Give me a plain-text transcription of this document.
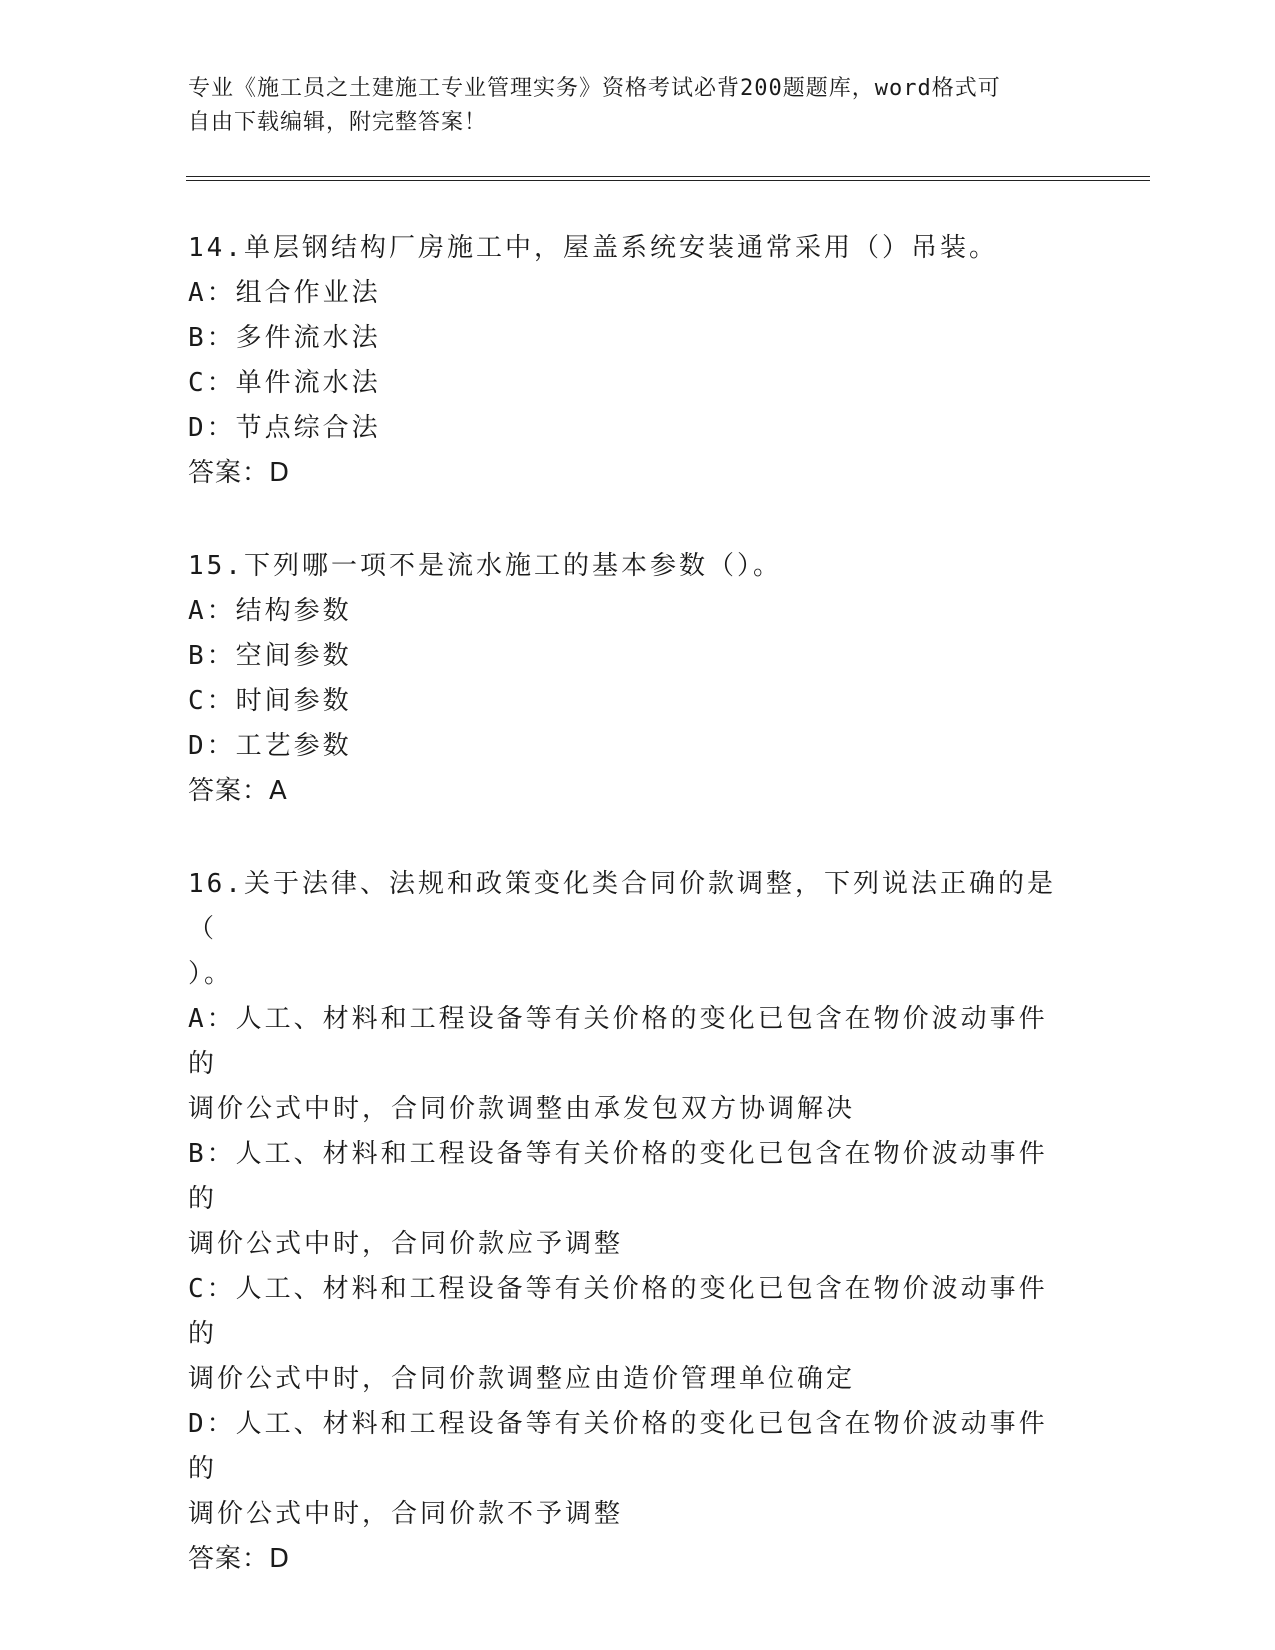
专业《施工员之土建施工专业管理实务》资格考试必背200题题库，word格式可
自由下载编辑，附完整答案！
14.单层钢结构厂房施工中，屋盖系统安装通常采用（）吊装。
A：组合作业法
B：多件流水法
C：单件流水法
D：节点综合法
答案：D
15.下列哪一项不是流水施工的基本参数（）。
A：结构参数
B：空间参数
C：时间参数
D：工艺参数
答案：A
16.关于法律、法规和政策变化类合同价款调整，下列说法正确的是（
）。
A：人工、材料和工程设备等有关价格的变化已包含在物价波动事件的
调价公式中时，合同价款调整由承发包双方协调解决
B：人工、材料和工程设备等有关价格的变化已包含在物价波动事件的
调价公式中时，合同价款应予调整
C：人工、材料和工程设备等有关价格的变化已包含在物价波动事件的
调价公式中时，合同价款调整应由造价管理单位确定
D：人工、材料和工程设备等有关价格的变化已包含在物价波动事件的
调价公式中时，合同价款不予调整
答案：D
